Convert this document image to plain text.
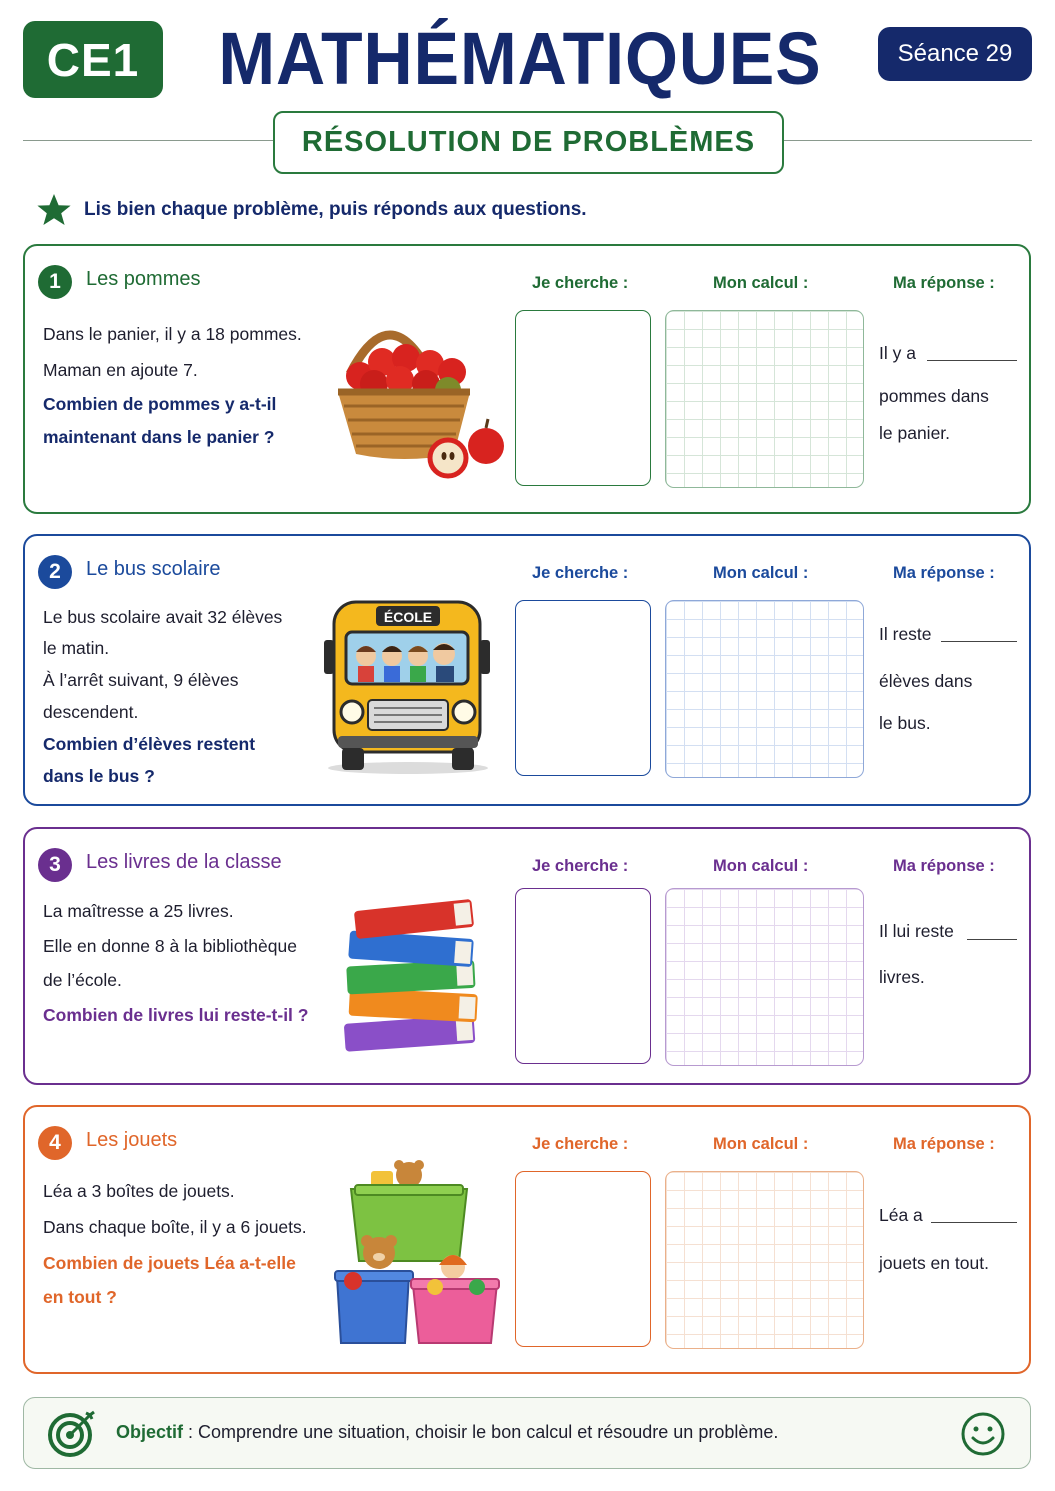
CE1	MATHÉMATIQUES	Séance 29
RÉSOLUTION DE PROBLÈMES
Lis bien chaque problème, puis réponds aux questions.
1	Les pommes
Dans le panier, il y a 18 pommes.
Maman en ajoute 7.
Combien de pommes y a-t-il
maintenant dans le panier ?
Je cherche :	Mon calcul :	Ma réponse :
Il y a
pommes dans
le panier.
2	Le bus scolaire
Le bus scolaire avait 32 élèves
le matin.
À l’arrêt suivant, 9 élèves
descendent.
Combien d’élèves restent
dans le bus ?
ÉCOLE
Je cherche :	Mon calcul :	Ma réponse :
Il reste
élèves dans
le bus.
3	Les livres de la classe
La maîtresse a 25 livres.
Elle en donne 8 à la bibliothèque
de l’école.
Combien de livres lui reste-t-il ?
Je cherche :	Mon calcul :	Ma réponse :
Il lui reste
livres.
4	Les jouets
Léa a 3 boîtes de jouets.
Dans chaque boîte, il y a 6 jouets.
Combien de jouets Léa a-t-elle
en tout ?
Je cherche :	Mon calcul :	Ma réponse :
Léa a
jouets en tout.
Objectif : Comprendre une situation, choisir le bon calcul et résoudre un problème.
